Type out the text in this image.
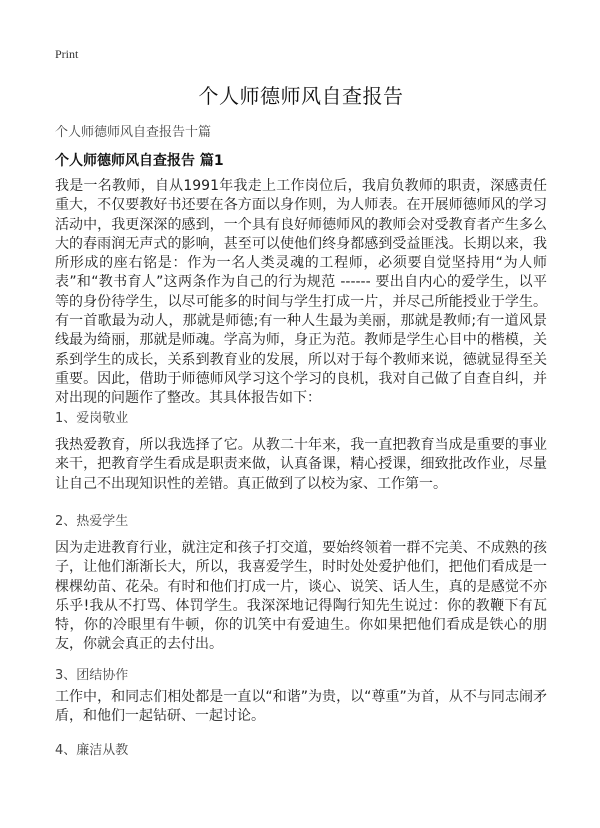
Print
个人师德师风自查报告
个人师德师风自查报告十篇
个人师德师风自查报告 篇1
我是一名教师，自从1991年我走上工作岗位后，我肩负教师的职责，深感责任重大，不仅要教好书还要在各方面以身作则，为人师表。在开展师德师风的学习活动中，我更深深的感到，一个具有良好师德师风的教师会对受教育者产生多么大的春雨润无声式的影响，甚至可以使他们终身都感到受益匪浅。长期以来，我所形成的座右铭是：作为一名人类灵魂的工程师，必须要自觉坚持用“为人师表”和“教书育人”这两条作为自己的行为规范 ------ 要出自内心的爱学生，以平等的身份待学生，以尽可能多的时间与学生打成一片，并尽己所能授业于学生。有一首歌最为动人，那就是师德;有一种人生最为美丽，那就是教师;有一道风景线最为绮丽，那就是师魂。学高为师，身正为范。教师是学生心目中的楷模，关系到学生的成长，关系到教育业的发展，所以对于每个教师来说，德就显得至关重要。因此，借助于师德师风学习这个学习的良机，我对自己做了自查自纠，并对出现的问题作了整改。其具体报告如下：
1、爱岗敬业
我热爱教育，所以我选择了它。从教二十年来，我一直把教育当成是重要的事业来干，把教育学生看成是职责来做，认真备课，精心授课，细致批改作业，尽量让自己不出现知识性的差错。真正做到了以校为家、工作第一。
2、热爱学生
因为走进教育行业，就注定和孩子打交道，要始终领着一群不完美、不成熟的孩子，让他们渐渐长大，所以，我喜爱学生，时时处处爱护他们，把他们看成是一棵棵幼苗、花朵。有时和他们打成一片，谈心、说笑、话人生，真的是感觉不亦乐乎!我从不打骂、体罚学生。我深深地记得陶行知先生说过：你的教鞭下有瓦特，你的冷眼里有牛顿，你的讥笑中有爱迪生。你如果把他们看成是铁心的朋友，你就会真正的去付出。
3、团结协作
工作中，和同志们相处都是一直以“和谐”为贵，以“尊重”为首，从不与同志闹矛盾，和他们一起钻研、一起讨论。
4、廉洁从教
